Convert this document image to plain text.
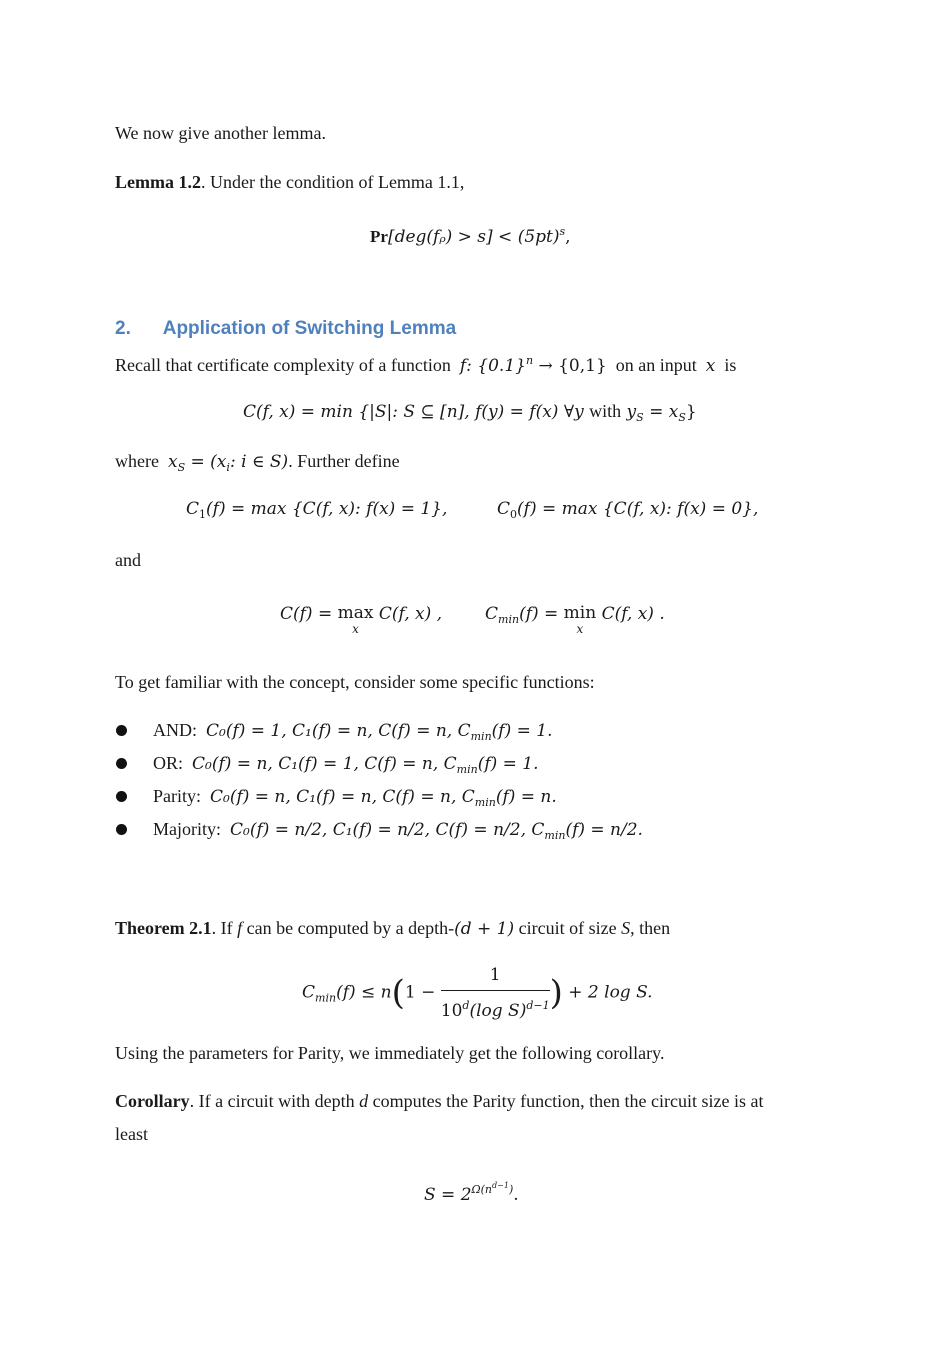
We now give another lemma.
Lemma 1.2. Under the condition of Lemma 1.1,
Pr[deg(fᵨ) > $s] < (5pt)^s$,
2. Application of Switching Lemma
Recall that certificate complexity of a function f: $\{0.1\}^n \to \{0,1\}$ on an input x is
C(f, x) = min {|S|: S ⊆ [n], f(y) = f(x) ∀y with $y_S = x_S$}
where $x_S = (x_i$: i ∈ S). Further define
$C_1(f) = \max \{C(f$, x): f(x) = 1},	$C_0(f) = \max \{C(f$, x): f(x) = 0},
and
C(f) = max
x
C(f, x) ,	$C_{min}(f) = \min$
x
C(f, x) .
To get familiar with the concept, consider some specific functions:
AND: C₀(f) = 1, C₁(f) = n, C(f) = n, $C_{min}(f) = 1$.
OR: C₀(f) = n, C₁(f) = 1, C(f) = n, $C_{min}(f) = 1$.
Parity: C₀(f) = n, C₁(f) = n, C(f) = n, $C_{min}(f) = n$.
Majority: C₀(f) = n/2, C₁(f) = n/2, C(f) = n/2, $C_{min}(f) = n/2$.
Theorem 2.1. If f can be computed by a depth-(d + 1) circuit of size S, then
$C_{min}(f) \le n(1 - \frac{1}{10^d(\log S)^{d-1}}$ ) + 2 log S.
Using the parameters for Parity, we immediately get the following corollary.
Corollary. If a circuit with depth d computes the Parity function, then the circuit size is at
least
$S = 2^{\Omega(n^{d-1})}$.
